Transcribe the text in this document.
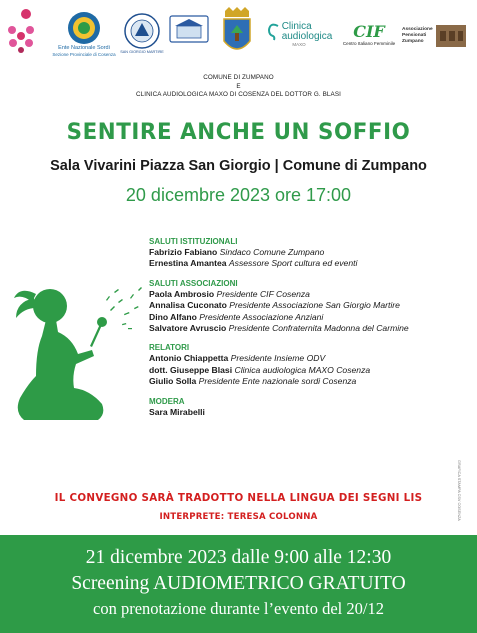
Ente Nazionale Sordi
Sezione Provinciale di Cosenza
SAN GIORGIO MARTIRE
Clinica
audiologica
MAXO
CIF
Centro Italiano Femminile
Associazione
Pensionati
Zumpano
COMUNE DI ZUMPANO
E
CLINICA AUDIOLOGICA MAXO DI COSENZA DEL DOTTOR G. BLASI
SENTIRE ANCHE UN SOFFIO
Sala Vivarini Piazza San Giorgio | Comune di Zumpano
20 dicembre 2023 ore 17:00
SALUTI ISTITUZIONALI
Fabrizio Fabiano Sindaco Comune Zumpano
Ernestina Amantea Assessore Sport cultura ed eventi
SALUTI ASSOCIAZIONI
Paola Ambrosio Presidente CIF Cosenza
Annalisa Cuconato Presidente Associazione San Giorgio Martire
Dino Alfano Presidente Associazione Anziani
Salvatore Avruscio Presidente Confraternita Madonna del Carmine
RELATORI
Antonio Chiappetta Presidente Insieme ODV
dott. Giuseppe Blasi Clinica audiologica MAXO Cosenza
Giulio Solla Presidente Ente nazionale sordi Cosenza
MODERA
Sara Mirabelli
GRAFICA STAMPA CSV COSENZA
IL CONVEGNO SARÀ TRADOTTO NELLA LINGUA DEI SEGNI LIS
INTERPRETE: TERESA COLONNA
21 dicembre 2023 dalle 9:00 alle 12:30
Screening AUDIOMETRICO GRATUITO
con prenotazione durante l’evento del 20/12
